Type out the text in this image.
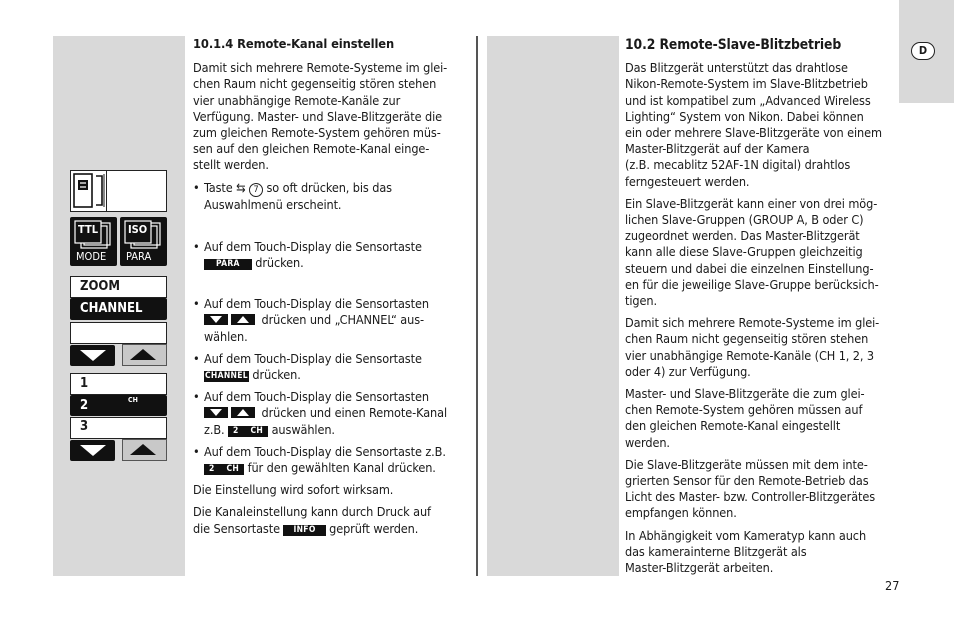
D
TTL
MODE
ISO
PARA
ZOOM
CHANNEL
1
2	CH
3
10.1.4 Remote-Kanal einstellen

Damit sich mehrere Remote-Systeme im glei-
chen Raum nicht gegenseitig stören stehen
vier unabhängige Remote-Kanäle zur
Verfügung. Master- und Slave-Blitzgeräte die
zum gleichen Remote-System gehören müs-
sen auf den gleichen Remote-Kanal einge-
stellt werden.

• Taste ⇆ 7 so oft drücken, bis das
Auswahlmenü erscheint.
• Auf dem Touch-Display die Sensortaste
PARA drücken.
• Auf dem Touch-Display die Sensortasten
drücken und „CHANNEL“ aus-
wählen.
• Auf dem Touch-Display die Sensortaste
CHANNEL drücken.
• Auf dem Touch-Display die Sensortasten
drücken und einen Remote-Kanal
z.B. 2    CH auswählen.
• Auf dem Touch-Display die Sensortaste z.B.
2    CH für den gewählten Kanal drücken.

Die Einstellung wird sofort wirksam.

Die Kanaleinstellung kann durch Druck auf
die Sensortaste INFO geprüft werden.

10.2 Remote-Slave-Blitzbetrieb

Das Blitzgerät unterstützt das drahtlose
Nikon-Remote-System im Slave-Blitzbetrieb
und ist kompatibel zum „Advanced Wireless
Lighting“ System von Nikon. Dabei können
ein oder mehrere Slave-Blitzgeräte von einem
Master-Blitzgerät auf der Kamera
(z.B. mecablitz 52AF-1N digital) drahtlos
ferngesteuert werden.

Ein Slave-Blitzgerät kann einer von drei mög-
lichen Slave-Gruppen (GROUP A, B oder C)
zugeordnet werden. Das Master-Blitzgerät
kann alle diese Slave-Gruppen gleichzeitig
steuern und dabei die einzelnen Einstellung-
en für die jeweilige Slave-Gruppe berücksich-
tigen.

Damit sich mehrere Remote-Systeme im glei-
chen Raum nicht gegenseitig stören stehen
vier unabhängige Remote-Kanäle (CH 1, 2, 3
oder 4) zur Verfügung.

Master- und Slave-Blitzgeräte die zum glei-
chen Remote-System gehören müssen auf
den gleichen Remote-Kanal eingestellt
werden.

Die Slave-Blitzgeräte müssen mit dem inte-
grierten Sensor für den Remote-Betrieb das
Licht des Master- bzw. Controller-Blitzgerätes
empfangen können.

In Abhängigkeit vom Kameratyp kann auch
das kamerainterne Blitzgerät als
Master-Blitzgerät arbeiten.

27
